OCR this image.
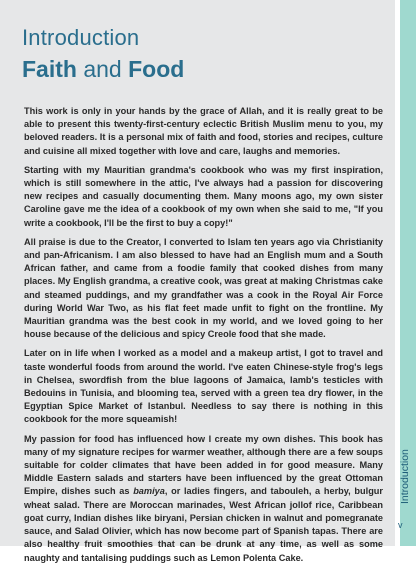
Introduction
Faith and Food

This work is only in your hands by the grace of Allah, and it is really great to be able to present this twenty-first-century eclectic British Muslim menu to you, my beloved readers. It is a personal mix of faith and food, stories and recipes, culture and cuisine all mixed together with love and care, laughs and memories.

Starting with my Mauritian grandma's cookbook who was my first inspiration, which is still somewhere in the attic, I've always had a passion for discovering new recipes and casually documenting them. Many moons ago, my own sister Caroline gave me the idea of a cookbook of my own when she said to me, "If you write a cookbook, I'll be the first to buy a copy!"

All praise is due to the Creator, I converted to Islam ten years ago via Christianity and pan-Africanism. I am also blessed to have had an English mum and a South African father, and came from a foodie family that cooked dishes from many places. My English grandma, a creative cook, was great at making Christmas cake and steamed puddings, and my grandfather was a cook in the Royal Air Force during World War Two, as his flat feet made unfit to fight on the frontline. My Mauritian grandma was the best cook in my world, and we loved going to her house because of the delicious and spicy Creole food that she made.

Later on in life when I worked as a model and a makeup artist, I got to travel and taste wonderful foods from around the world. I've eaten Chinese-style frog's legs in Chelsea, swordfish from the blue lagoons of Jamaica, lamb's testicles with Bedouins in Tunisia, and blooming tea, served with a green tea dry flower, in the Egyptian Spice Market of Istanbul. Needless to say there is nothing in this cookbook for the more squeamish!

My passion for food has influenced how I create my own dishes. This book has many of my signature recipes for warmer weather, although there are a few soups suitable for colder climates that have been added in for good measure. Many Middle Eastern salads and starters have been influenced by the great Ottoman Empire, dishes such as bamiya, or ladies fingers, and tabouleh, a herby, bulgur wheat salad. There are Moroccan marinades, West African jollof rice, Caribbean goat curry, Indian dishes like biryani, Persian chicken in walnut and pomegranate sauce, and Salad Olivier, which has now become part of Spanish tapas. There are also healthy fruit smoothies that can be drunk at any time, as well as some naughty and tantalising puddings such as Lemon Polenta Cake.

Introduction
v
